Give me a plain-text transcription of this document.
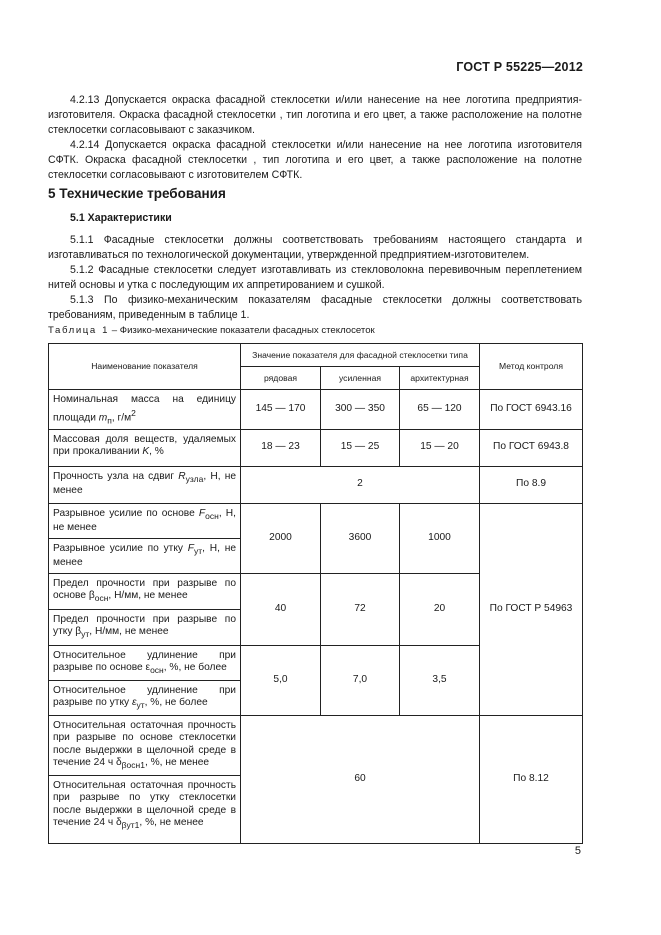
ГОСТ Р 55225—2012

4.2.13 Допускается окраска фасадной стеклосетки и/или нанесение на нее логотипа предприятия-изготовителя. Окраска фасадной стеклосетки , тип логотипа и его цвет, а также расположение на полотне стеклосетки согласовывают с заказчиком.

4.2.14 Допускается окраска фасадной стеклосетки и/или нанесение на нее логотипа изготовителя СФТК. Окраска фасадной стеклосетки , тип логотипа и его цвет, а также расположение на полотне стеклосетки согласовывают с изготовителем СФТК.

5 Технические требования
5.1 Характеристики

5.1.1 Фасадные стеклосетки должны соответствовать требованиям настоящего стандарта и изготавливаться по технологической документации, утвержденной предприятием-изготовителем.

5.1.2 Фасадные стеклосетки следует изготавливать из стекловолокна перевивочным переплетением нитей основы и утка с последующим их аппретированием и сушкой.

5.1.3 По физико-механическим показателям фасадные стеклосетки должны соответствовать требованиям, приведенным в таблице 1.

Таблица 1 – Физико-механические показатели фасадных стеклосеток
Наименование показателя	Значение показателя для фасадной стеклосетки типа			Метод контроля
	рядовая	усиленная	архитектурная	
Номинальная масса на единицу площади $m_п$, $г/м^2$	145 — 170	300 — 350	65 — 120	По ГОСТ 6943.16
Массовая доля веществ, удаляемых при прокаливании K, %	18 — 23	15 — 25	15 — 20	По ГОСТ 6943.8
Прочность узла на сдвиг $R_{узла}$, Н, не менее	2			По 8.9
Разрывное усилие по основе $F_{осн}$, Н, не менее	2000	3600	1000	По ГОСТ Р 54963
Разрывное усилие по утку $F_{ут}$, Н, не менее				
Предел прочности при разрыве по основе $\beta_{осн}$, Н/мм, не менее	40	72	20	
Предел прочности при разрыве по утку $\beta_{ут}$, Н/мм, не менее				
Относительное удлинение при разрыве по основе $\varepsilon_{осн}$, %, не более	5,0	7,0	3,5	
Относительное удлинение при разрыве по утку $\varepsilon_{ут}$, %, не более				
Относительная остаточная прочность при разрыве по основе стеклосетки после выдержки в щелочной среде в течение 24 ч $\delta_{\beta осн1}$, %, не менее	60			По 8.12
Относительная остаточная прочность при разрыве по утку стеклосетки после выдержки в щелочной среде в течение 24 ч $\delta_{\beta ут1}$, %, не менее				
5
